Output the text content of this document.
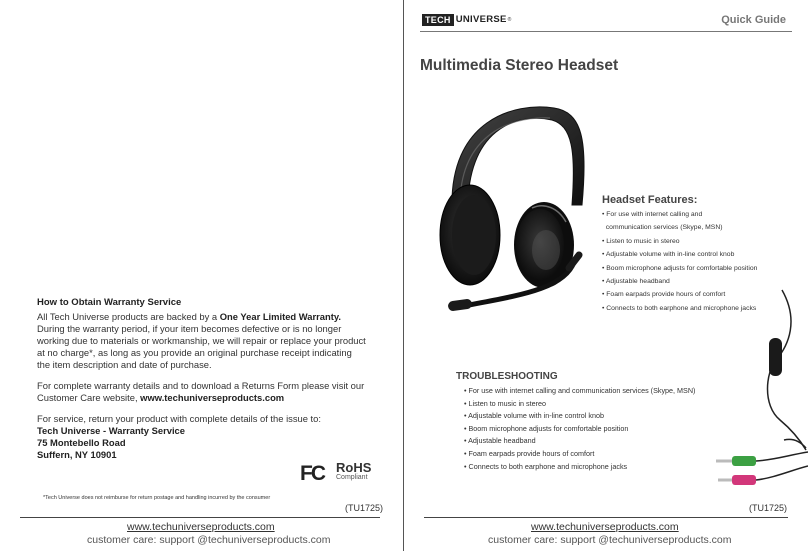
How to Obtain Warranty Service

All Tech Universe products are backed by a One Year Limited Warranty. During the warranty period, if your item becomes defective or is no longer working due to materials or workmanship, we will repair or replace your product at no charge*, as long as you provide an original purchase receipt indicating the item description and date of purchase.

For complete warranty details and to download a Returns Form please visit our Customer Care website, www.techuniverseproducts.com

For service, return your product with complete details of the issue to:

Tech Universe - Warranty Service
75 Montebello Road
Suffern, NY 10901
FC RoHS
Compliant
*Tech Universe does not reimburse for return postage and handling incurred by the consumer
(TU1725)
www.techuniverseproducts.com
customer care: support @techuniverseproducts.com
TECH UNIVERSE ®	Quick Guide
Multimedia Stereo Headset
Headset Features:
• For use with internet calling and
communication services (Skype, MSN)
• Listen to music in stereo
• Adjustable volume with in-line control knob
• Boom microphone adjusts for comfortable position
• Adjustable headband
• Foam earpads provide hours of comfort
• Connects to both earphone and microphone jacks
TROUBLESHOOTING
• For use with internet calling and communication services (Skype, MSN)
• Listen to music in stereo
• Adjustable volume with in-line control knob
• Boom microphone adjusts for comfortable position
• Adjustable headband
• Foam earpads provide hours of comfort
• Connects to both earphone and microphone jacks
(TU1725)
www.techuniverseproducts.com
customer care: support @techuniverseproducts.com
